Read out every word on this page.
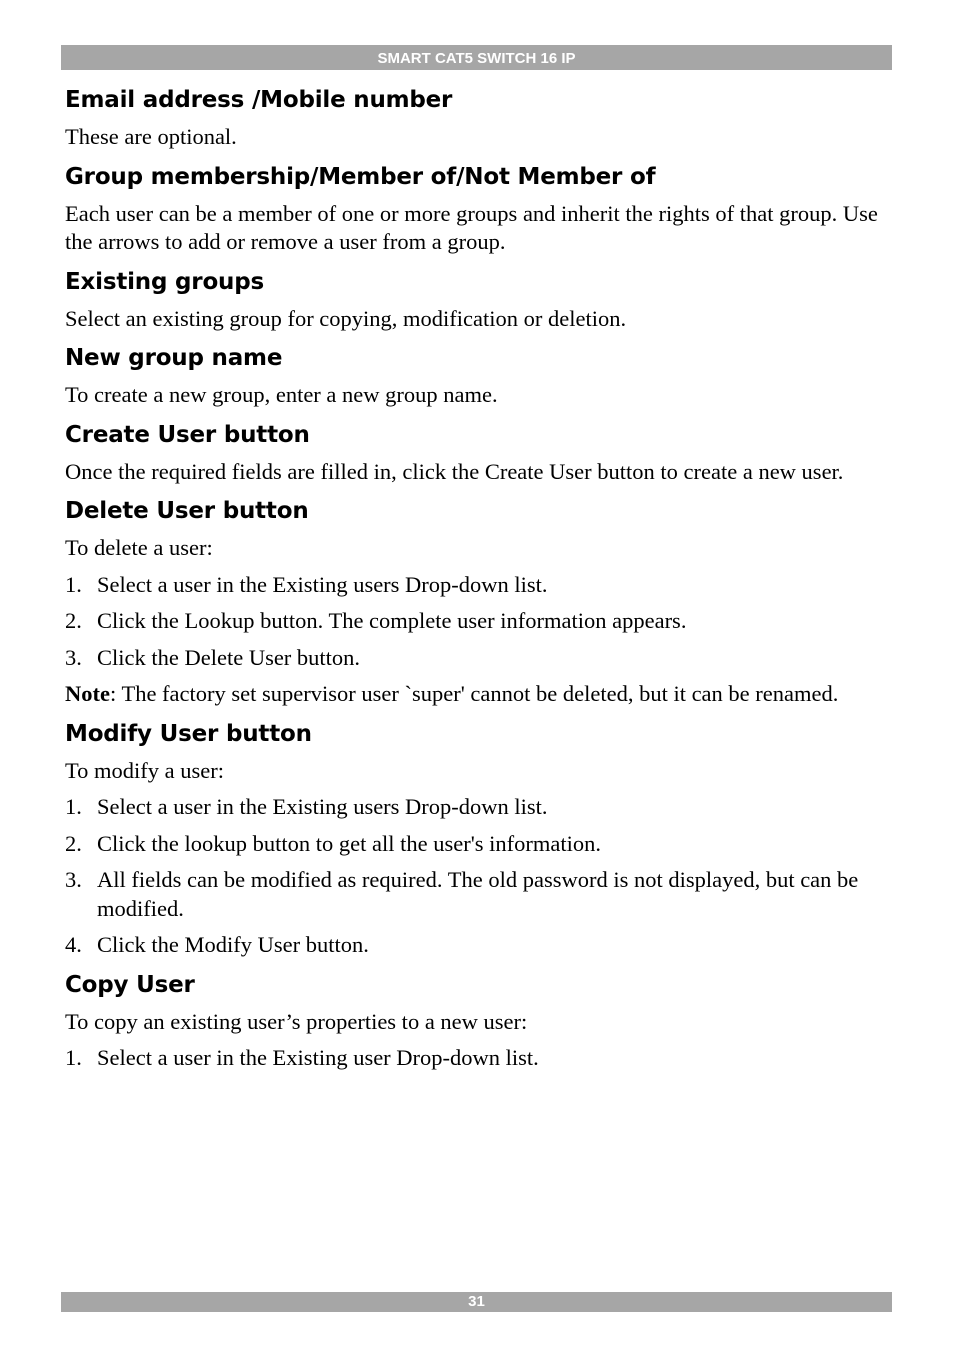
SMART CAT5 SWITCH 16 IP
Email address /Mobile number

These are optional.

Group membership/Member of/Not Member of

Each user can be a member of one or more groups and inherit the rights of that group. Use the arrows to add or remove a user from a group.

Existing groups

Select an existing group for copying, modification or deletion.

New group name

To create a new group, enter a new group name.

Create User button

Once the required fields are filled in, click the Create User button to create a new user.

Delete User button

To delete a user:

1. Select a user in the Existing users Drop-down list.
2. Click the Lookup button. The complete user information appears.
3. Click the Delete User button.

Note: The factory set supervisor user `super' cannot be deleted, but it can be renamed.

Modify User button

To modify a user:

1. Select a user in the Existing users Drop-down list.
2. Click the lookup button to get all the user's information.
3. All fields can be modified as required. The old password is not displayed, but can be modified.
4. Click the Modify User button.
Copy User

To copy an existing user’s properties to a new user:

1. Select a user in the Existing user Drop-down list.
31
